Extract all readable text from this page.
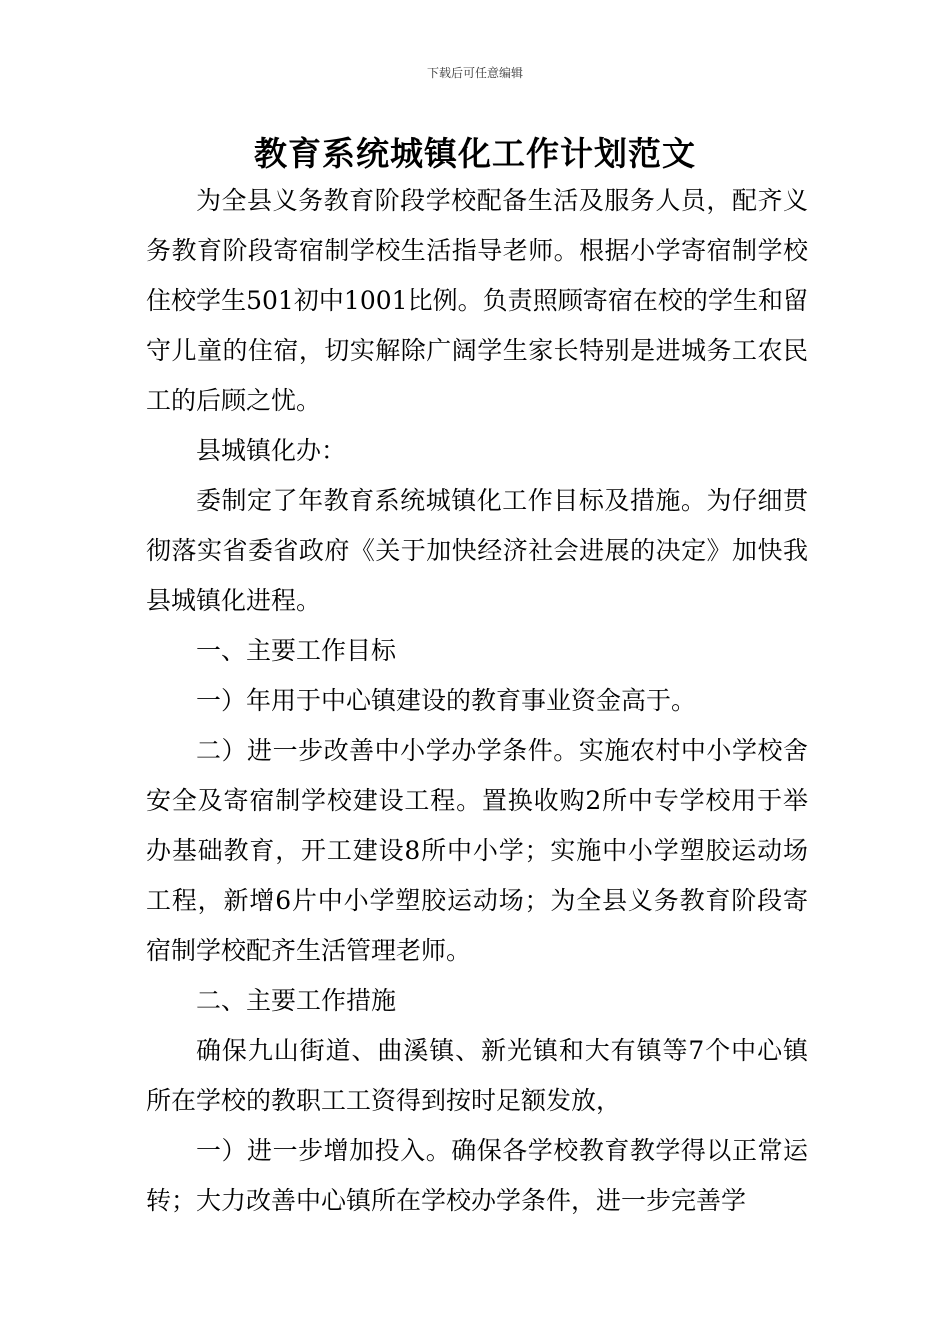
下载后可任意编辑
教育系统城镇化工作计划范文

为全县义务教育阶段学校配备生活及服务人员，配齐义务教育阶段寄宿制学校生活指导老师。根据小学寄宿制学校住校学生501初中1001比例。负责照顾寄宿在校的学生和留守儿童的住宿，切实解除广阔学生家长特别是进城务工农民工的后顾之忧。

县城镇化办：

委制定了年教育系统城镇化工作目标及措施。为仔细贯彻落实省委省政府《关于加快经济社会进展的决定》加快我县城镇化进程。

一、主要工作目标

一）年用于中心镇建设的教育事业资金高于。

二）进一步改善中小学办学条件。实施农村中小学校舍安全及寄宿制学校建设工程。置换收购2所中专学校用于举办基础教育，开工建设8所中小学；实施中小学塑胶运动场工程，新增6片中小学塑胶运动场；为全县义务教育阶段寄宿制学校配齐生活管理老师。

二、主要工作措施

确保九山街道、曲溪镇、新光镇和大有镇等7个中心镇所在学校的教职工工资得到按时足额发放，

一）进一步增加投入。确保各学校教育教学得以正常运转；大力改善中心镇所在学校办学条件，进一步完善学
